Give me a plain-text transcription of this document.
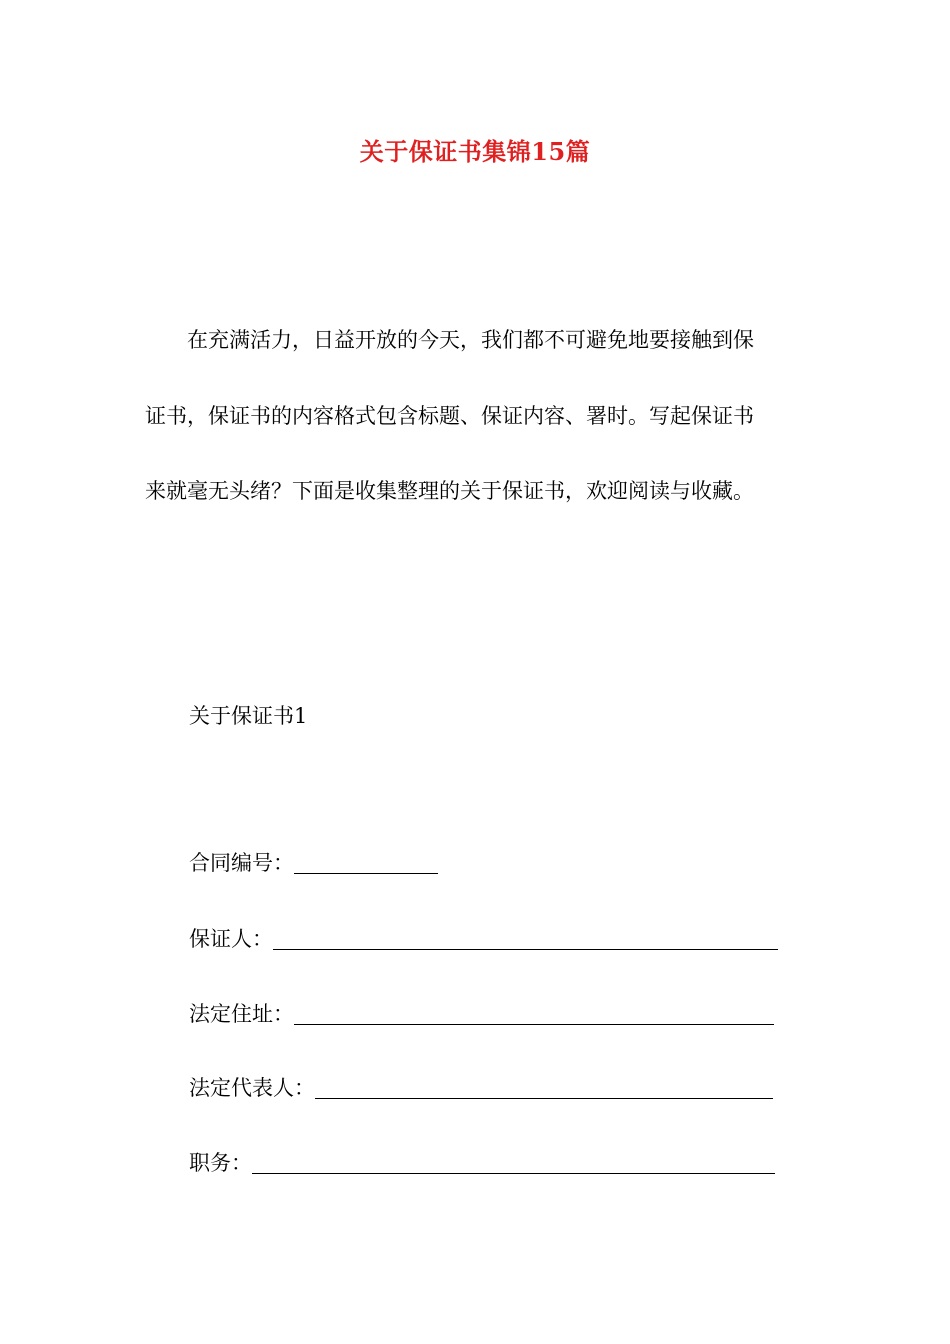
关于保证书集锦15篇
在充满活力，日益开放的今天，我们都不可避免地要接触到保
证书，保证书的内容格式包含标题、保证内容、署时。写起保证书
来就毫无头绪？下面是收集整理的关于保证书，欢迎阅读与收藏。
关于保证书1
合同编号：
保证人：
法定住址：
法定代表人：
职务：
